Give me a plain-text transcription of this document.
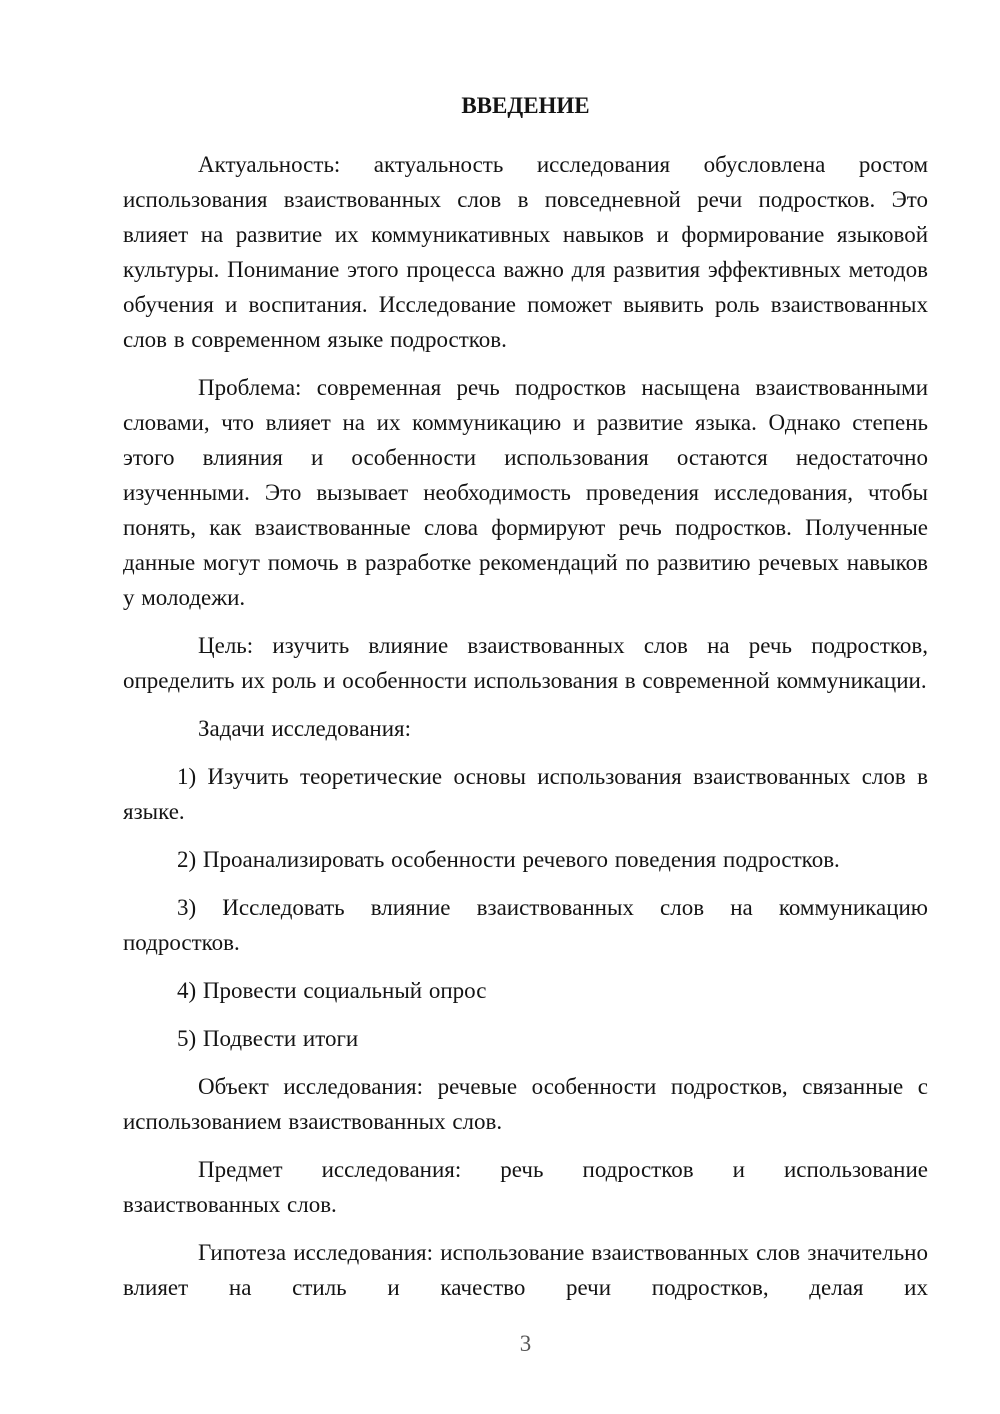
ВВЕДЕНИЕ

Актуальность: актуальность исследования обусловлена ростом использования взаиствованных слов в повседневной речи подростков. Это влияет на развитие их коммуникативных навыков и формирование языковой культуры. Понимание этого процесса важно для развития эффективных методов обучения и воспитания. Исследование поможет выявить роль взаиствованных слов в современном языке подростков.

Проблема: современная речь подростков насыщена взаиствованными словами, что влияет на их коммуникацию и развитие языка. Однако степень этого влияния и особенности использования остаются недостаточно изученными. Это вызывает необходимость проведения исследования, чтобы понять, как взаиствованные слова формируют речь подростков. Полученные данные могут помочь в разработке рекомендаций по развитию речевых навыков у молодежи.

Цель: изучить влияние взаиствованных слов на речь подростков, определить их роль и особенности использования в современной коммуникации.

Задачи исследования:

1) Изучить теоретические основы использования взаиствованных слов в языке.

2) Проанализировать особенности речевого поведения подростков.

3) Исследовать влияние взаиствованных слов на коммуникацию подростков.

4) Провести социальный опрос

5) Подвести итоги

Объект исследования: речевые особенности подростков, связанные с использованием взаиствованных слов.

Предмет исследования: речь подростков и использование взаиствованных слов.

Гипотеза исследования: использование взаиствованных слов значительно влияет на стиль и качество речи подростков, делая их

3
